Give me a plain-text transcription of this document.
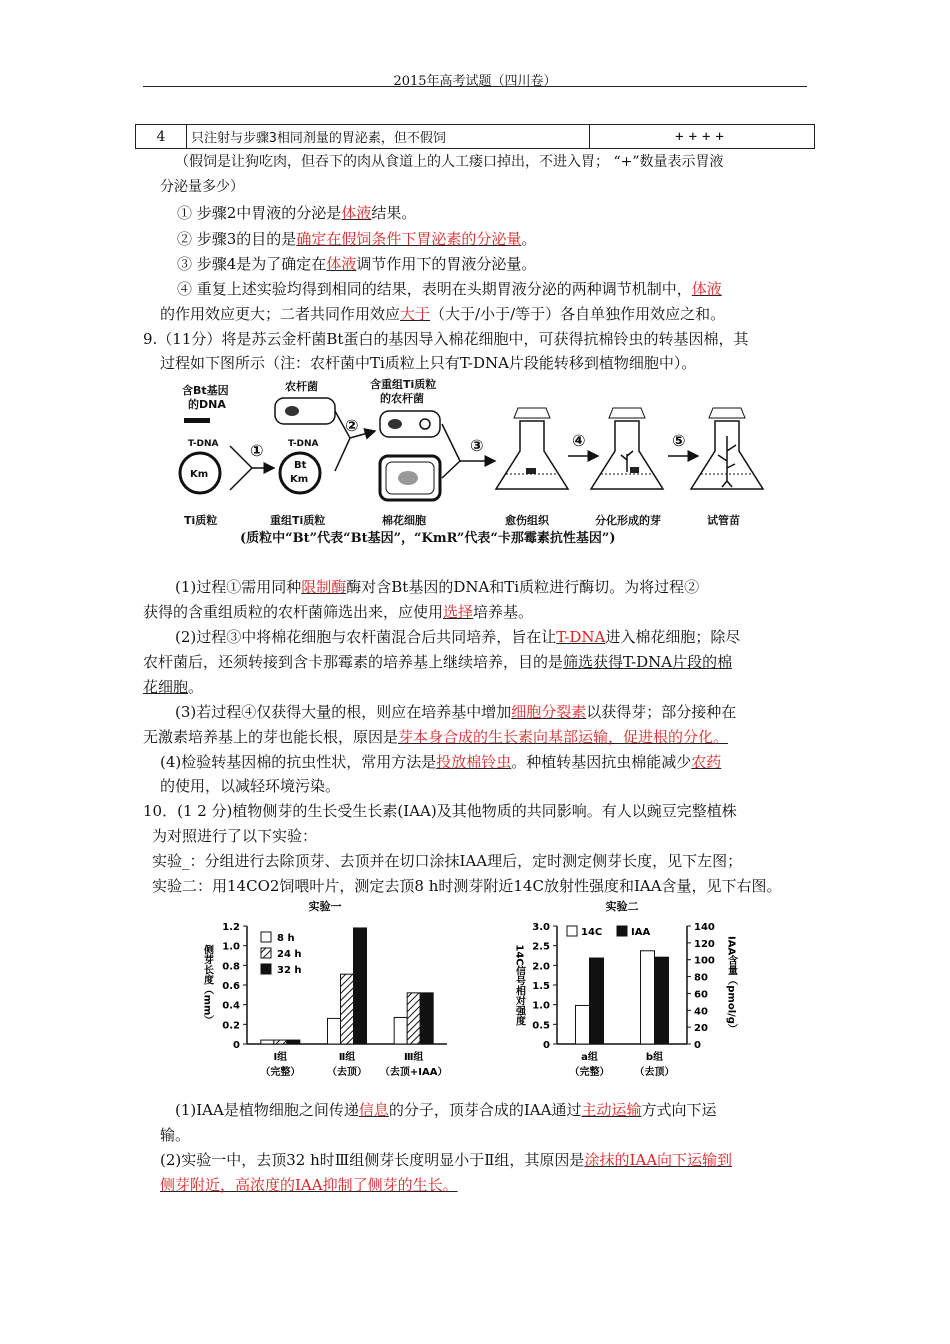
2015年高考试题（四川卷）
4	只注射与步骤3相同剂量的胃泌素，但不假饲	++++
（假饲是让狗吃肉，但吞下的肉从食道上的人工瘘口掉出，不进入胃； “+”数量表示胃液
分泌量多少）
① 步骤2中胃液的分泌是体液结果。
② 步骤3的目的是确定在假饲条件下胃泌素的分泌量。
③ 步骤4是为了确定在体液调节作用下的胃液分泌量。
④ 重复上述实验均得到相同的结果，表明在头期胃液分泌的两种调节机制中，体液
的作用效应更大；二者共同作用效应大于（大于/小于/等于）各自单独作用效应之和。
9.（11分）将是苏云金杆菌Bt蛋白的基因导入棉花细胞中，可获得抗棉铃虫的转基因棉，其
过程如下图所示（注：农杆菌中Ti质粒上只有T-DNA片段能转移到植物细胞中）。
含Bt基因
的DNA
T-DNA
Km
Ti质粒
①	T-DNA
Bt
Km
重组Ti质粒
农杆菌
②
含重组Ti质粒
的农杆菌
棉花细胞
③
愈伤组织
④
分化形成的芽
⑤
试管苗
(质粒中“Bt”代表“Bt基因”，“KmR”代表“卡那霉素抗性基因”)
(1)过程①需用同种限制酶酶对含Bt基因的DNA和Ti质粒进行酶切。为将过程②
获得的含重组质粒的农杆菌筛选出来，应使用选择培养基。
(2)过程③中将棉花细胞与农杆菌混合后共同培养，旨在让T-DNA进入棉花细胞；除尽
农杆菌后，还须转接到含卡那霉素的培养基上继续培养，目的是筛选获得T-DNA片段的棉
花细胞。
(3)若过程④仅获得大量的根，则应在培养基中增加细胞分裂素以获得芽；部分接种在
无激素培养基上的芽也能长根，原因是芽本身合成的生长素向基部运输，促进根的分化。
(4)检验转基因棉的抗虫性状，常用方法是投放棉铃虫。种植转基因抗虫棉能减少农药
的使用，以减轻环境污染。
10．(1 2 分)植物侧芽的生长受生长素(IAA)及其他物质的共同影响。有人以豌豆完整植株
为对照进行了以下实验：
实验_：分组进行去除顶芽、去顶并在切口涂抹IAA理后，定时测定侧芽长度，见下左图；
实验二：用14CO2饲喂叶片，测定去顶8 h时测芽附近14C放射性强度和IAA含量，见下右图。
实验一
0
0.2
0.4
0.6
0.8
1.0
1.2
侧芽长度（mm）
Ⅰ组
（完整）
Ⅱ组
（去顶）
Ⅲ组
（去顶+IAA）
8 h
24 h
32 h
实验二
0
0.5
1.0
1.5
2.0
2.5
3.0
0
20
40
60
80
100
120
140
14C信号相对强度	IAA含量（pmol/g）
a组
（完整）
b组
（去顶）
14C	IAA
(1)IAA是植物细胞之间传递信息的分子，顶芽合成的IAA通过主动运输方式向下运
输。
(2)实验一中，去顶32 h时Ⅲ组侧芽长度明显小于Ⅱ组，其原因是涂抹的IAA向下运输到
侧芽附近，高浓度的IAA抑制了侧芽的生长。
